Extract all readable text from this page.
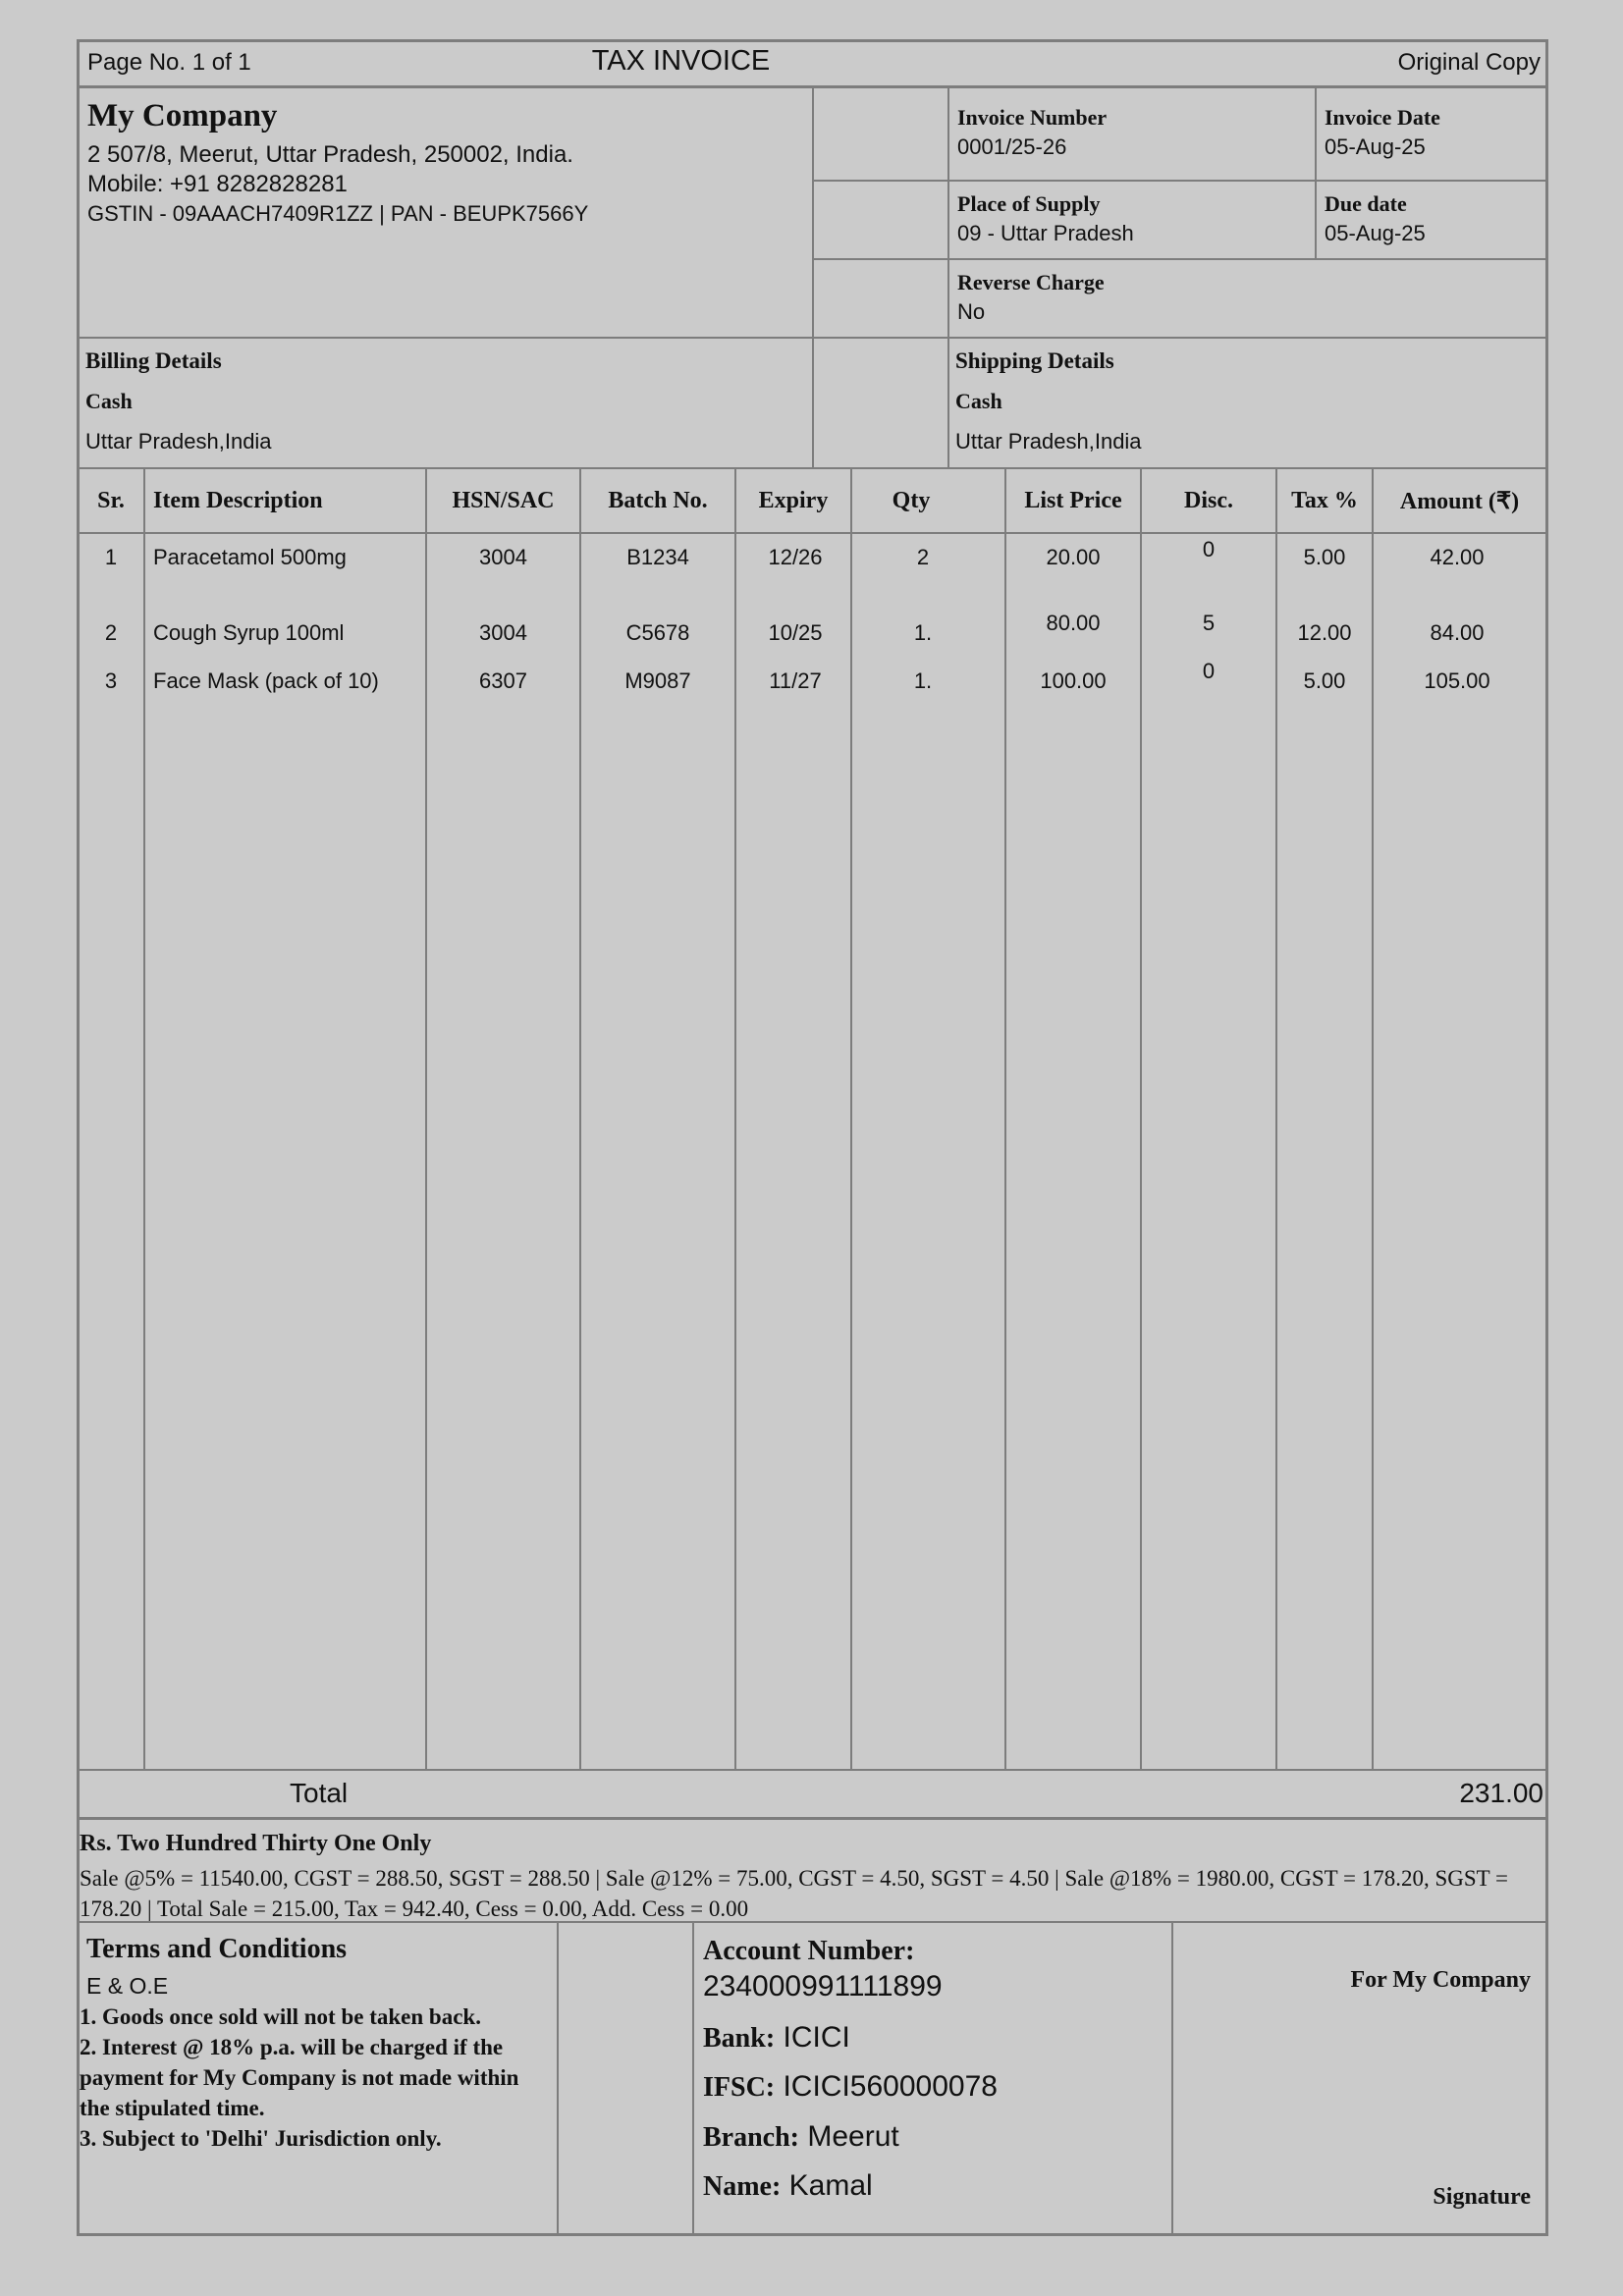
Page No. 1 of 1	TAX INVOICE	Original Copy
My Company
2 507/8, Meerut, Uttar Pradesh, 250002, India.
Mobile: +91 8282828281
GSTIN - 09AAACH7409R1ZZ | PAN - BEUPK7566Y
Invoice Number
0001/25-26
Invoice Date
05-Aug-25
Place of Supply
09 - Uttar Pradesh
Due date
05-Aug-25
Reverse Charge
No
Billing Details
Cash
Uttar Pradesh,India
Shipping Details
Cash
Uttar Pradesh,India
Sr.	Item Description	HSN/SAC	Batch No.	Expiry	Qty	List Price	Disc.	Tax %	Amount (₹)
1	Paracetamol 500mg	3004	B1234	12/26	2	20.00	0	5.00	42.00
2	Cough Syrup 100ml	3004	C5678	10/25	1.	80.00	5	12.00	84.00
3	Face Mask (pack of 10)	6307	M9087	11/27	1.	100.00	0	5.00	105.00
Total	231.00
Rs. Two Hundred Thirty One Only
Sale @5% = 11540.00, CGST = 288.50, SGST = 288.50 | Sale @12% = 75.00, CGST = 4.50, SGST = 4.50 | Sale @18% = 1980.00, CGST = 178.20, SGST = 178.20 | Total Sale = 215.00, Tax = 942.40, Cess = 0.00, Add. Cess = 0.00
Terms and Conditions
E & O.E
1. Goods once sold will not be taken back.
2. Interest @ 18% p.a. will be charged if the payment for My Company is not made within the stipulated time.
3. Subject to 'Delhi' Jurisdiction only.
Account Number:
234000991111899
Bank: ICICI
IFSC: ICICI560000078
Branch: Meerut
Name: Kamal
For My Company
Signature
